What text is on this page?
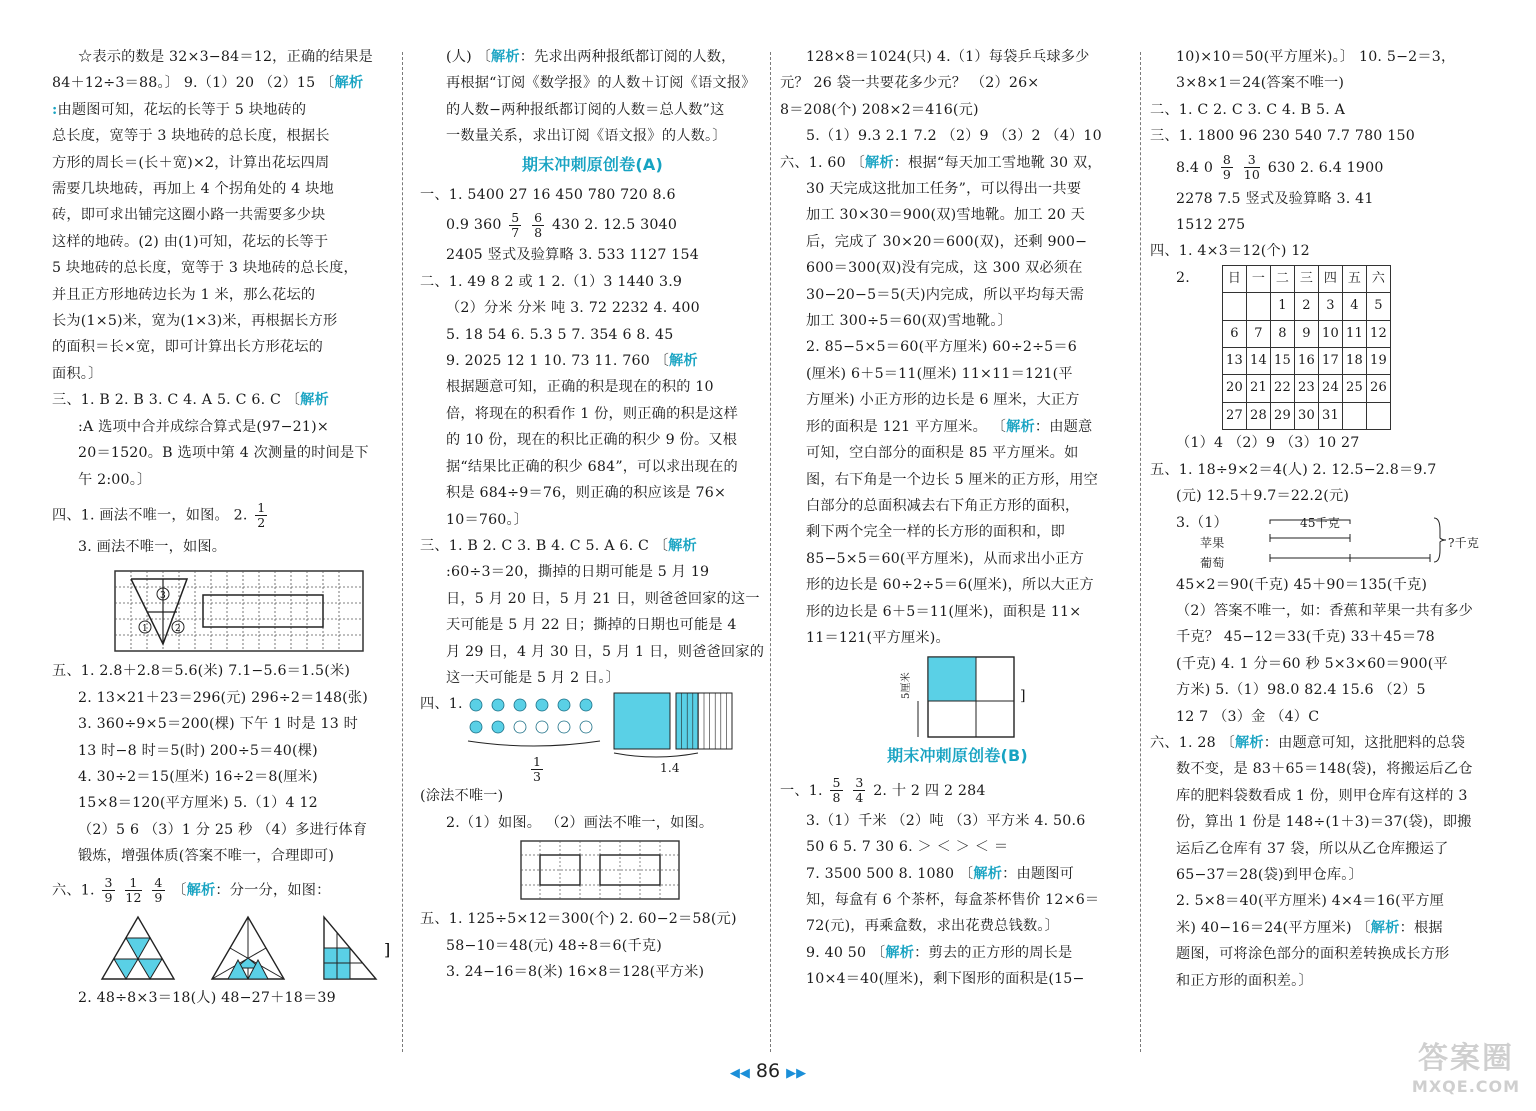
☆表示的数是 32×3−84＝12，正确的结果是

84＋12÷3＝88。〕 9.（1）20 （2）15 〔解析

:由题图可知，花坛的长等于 5 块地砖的

总长度，宽等于 3 块地砖的总长度，根据长

方形的周长＝(长＋宽)×2，计算出花坛四周

需要几块地砖，再加上 4 个拐角处的 4 块地

砖，即可求出铺完这圈小路一共需要多少块

这样的地砖。(2) 由(1)可知，花坛的长等于

5 块地砖的总长度，宽等于 3 块地砖的总长度，

并且正方形地砖边长为 1 米，那么花坛的

长为(1×5)米，宽为(1×3)米，再根据长方形

的面积＝长×宽，即可计算出长方形花坛的

面积。〕

三、1. B 2. B 3. C 4. A 5. C 6. C 〔解析

:A 选项中合并成综合算式是(97−21)×

20＝1520。B 选项中第 4 次测量的时间是下

午 2:00。〕

四、1. 画法不唯一，如图。 2. $\frac{1}{2}$

3. 画法不唯一，如图。

3
1	2

五、1. 2.8＋2.8＝5.6(米) 7.1−5.6＝1.5(米)

2. 13×21＋23＝296(元) 296÷2＝148(张)

3. 360÷9×5＝200(棵) 下午 1 时是 13 时

13 时−8 时＝5(时) 200÷5＝40(棵)

4. 30÷2＝15(厘米) 16÷2＝8(厘米)

15×8＝120(平方厘米) 5.（1）4 12

（2）5 6 （3）1 分 25 秒 （4）多进行体育

锻炼，增强体质(答案不唯一，合理即可)

六、1. $\frac{3}{9}$
$\frac{1}{12}$
$\frac{4}{9}$ 〔解析：分一分，如图：

]

2. 48÷8×3＝18(人) 48−27＋18＝39

(人) 〔解析：先求出两种报纸都订阅的人数，

再根据“订阅《数学报》的人数＋订阅《语文报》

的人数−两种报纸都订阅的人数＝总人数”这

一数量关系，求出订阅《语文报》的人数。〕

期末冲刺原创卷(A)

一、1. 5400 27 16 450 780 720 8.6

0.9 $360 \frac{5}{7}$
$\frac{6}{8} 430$ 2. 12.5 3040

2405 竖式及验算略 3. 533 1127 154

二、1. 49 8 2 或 1 2.（1）3 1440 3.9

（2）分米 分米 吨 3. 72 2232 4. 400

5. 18 54 6. 5.3 5 7. 354 6 8. 45

9. 2025 12 1 10. 73 11. 760 〔解析

根据题意可知，正确的积是现在的积的 10

倍，将现在的积看作 1 份，则正确的积是这样

的 10 份，现在的积比正确的积少 9 份。又根

据“结果比正确的积少 684”，可以求出现在的

积是 684÷9＝76，则正确的积应该是 76×

10＝760。〕

三、1. B 2. C 3. B 4. C 5. A 6. C 〔解析

:60÷3＝20，撕掉的日期可能是 5 月 19

日，5 月 20 日，5 月 21 日，则爸爸回家的这一

天可能是 5 月 22 日；撕掉的日期也可能是 4

月 29 日，4 月 30 日，5 月 1 日，则爸爸回家的

这一天可能是 5 月 2 日。〕

四、1.
$\frac{1}{3}$	1.4

(涂法不唯一)

2.（1）如图。 （2）画法不唯一，如图。

五、1. 125÷5×12＝300(个) 2. 60−2＝58(元)

58−10＝48(元) 48÷8＝6(千克)

3. 24−16＝8(米) 16×8＝128(平方米)

128×8＝1024(只) 4.（1）每袋乒乓球多少

元？ 26 袋一共要花多少元？ （2）26×

8＝208(个) 208×2＝416(元)

5.（1）9.3 2.1 7.2 （2）9 （3）2 （4）10

六、1. 60 〔解析：根据“每天加工雪地靴 30 双，

30 天完成这批加工任务”，可以得出一共要

加工 30×30＝900(双)雪地靴。加工 20 天

后，完成了 30×20＝600(双)，还剩 900−

600＝300(双)没有完成，这 300 双必须在

30−20−5＝5(天)内完成，所以平均每天需

加工 300÷5＝60(双)雪地靴。〕

2. 85−5×5＝60(平方厘米) 60÷2÷5＝6

(厘米) 6＋5＝11(厘米) 11×11＝121(平

方厘米) 小正方形的边长是 6 厘米，大正方

形的面积是 121 平方厘米。 〔解析：由题意

可知，空白部分的面积是 85 平方厘米。如

图，右下角是一个边长 5 厘米的正方形，用空

白部分的总面积减去右下角正方形的面积，

剩下两个完全一样的长方形的面积和，即

85−5×5＝60(平方厘米)，从而求出小正方

形的边长是 60÷2÷5＝6(厘米)，所以大正方

形的边长是 6＋5＝11(厘米)，面积是 11×

11＝121(平方厘米)。

5厘米	]
期末冲刺原创卷(B)

一、1. $\frac{5}{8}$
$\frac{3}{4} 2$. 十 2 四 2 284

3.（1）千米 （2）吨 （3）平方米 4. 50.6

50 6 5. 7 30 6. ＞ ＜ ＞ ＜ ＝

7. 3500 500 8. 1080 〔解析：由题图可

知，每盒有 6 个茶杯，每盒茶杯售价 12×6＝

72(元)，再乘盒数，求出花费总钱数。〕

9. 40 50 〔解析：剪去的正方形的周长是

10×4＝40(厘米)，剩下图形的面积是(15−

10)×10＝50(平方厘米)。〕 10. 5−2＝3，

3×8×1＝24(答案不唯一)

二、1. C 2. C 3. C 4. B 5. A

三、1. 1800 96 230 540 7.7 780 150

8.4 $0 \frac{8}{9}$
$\frac{3}{10} 630$ 2. 6.4 1900

2278 7.5 竖式及验算略 3. 41

1512 275

四、1. 4×3＝12(个) 12

2.	日	一	二	三	四	五	六
		1	2	3	4	5
6	7	8	9	10	11	12
13	14	15	16	17	18	19
20	21	22	23	24	25	26
27	28	29	30	31		

（1）4 （2）9 （3）10 27

五、1. 18÷9×2＝4(人) 2. 12.5−2.8＝9.7

(元) 12.5＋9.7＝22.2(元)

3.（1）	45千克
苹果
葡萄
?千克

45×2＝90(千克) 45＋90＝135(千克)

（2）答案不唯一，如：香蕉和苹果一共有多少

千克？ 45−12＝33(千克) 33＋45＝78

(千克) 4. 1 分＝60 秒 5×3×60＝900(平

方米) 5.（1）98.0 82.4 15.6 （2）5

12 7 （3）金 （4）C

六、1. 28 〔解析：由题意可知，这批肥料的总袋

数不变，是 83＋65＝148(袋)，将搬运后乙仓

库的肥料袋数看成 1 份，则甲仓库有这样的 3

份，算出 1 份是 148÷(1＋3)＝37(袋)，即搬

运后乙仓库有 37 袋，所以从乙仓库搬运了

65−37＝28(袋)到甲仓库。〕

2. 5×8＝40(平方厘米) 4×4＝16(平方厘

米) 40−16＝24(平方厘米) 〔解析：根据

题图，可将涂色部分的面积差转换成长方形

和正方形的面积差。〕

◀◀ 86 ▶▶	答案圈
MXQE.COM
